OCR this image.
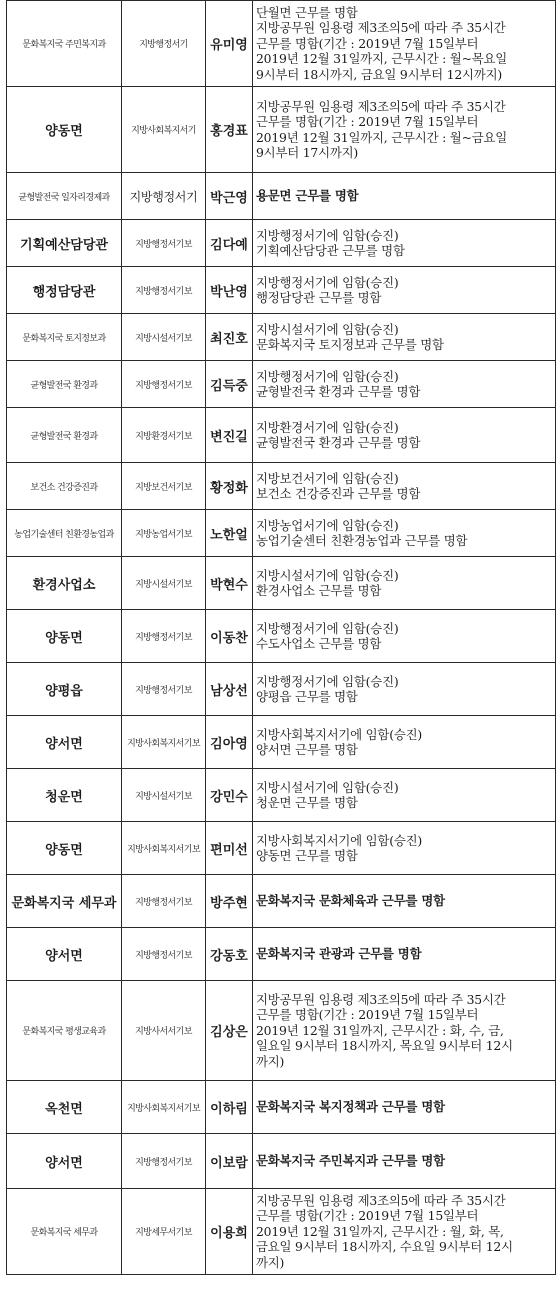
문화복지국 주민복지과	지방행정서기	유미영	단월면 근무를 명함
지방공무원 임용령 제3조의5에 따라 주 35시간
근무를 명함(기간 : 2019년 7월 15일부터
2019년 12월 31일까지, 근무시간 : 월~목요일
9시부터 18시까지, 금요일 9시부터 12시까지)

양동면	지방사회복지서기	홍경표	지방공무원 임용령 제3조의5에 따라 주 35시간
근무를 명함(기간 : 2019년 7월 15일부터
2019년 12월 31일까지, 근무시간 : 월~금요일
9시부터 17시까지)

균형발전국 일자리경제과	지방행정서기	박근영	용문면 근무를 명함

기획예산담당관	지방행정서기보	김다예	지방행정서기에 임함(승진)
기획예산담당관 근무를 명함

행정담당관	지방행정서기보	박난영	지방행정서기에 임함(승진)
행정담당관 근무를 명함

문화복지국 토지정보과	지방시설서기보	최진호	지방시설서기에 임함(승진)
문화복지국 토지정보과 근무를 명함

균형발전국 환경과	지방행정서기보	김득중	지방행정서기에 임함(승진)
균형발전국 환경과 근무를 명함

균형발전국 환경과	지방환경서기보	변진길	지방환경서기에 임함(승진)
균형발전국 환경과 근무를 명함

보건소 건강증진과	지방보건서기보	황정화	지방보건서기에 임함(승진)
보건소 건강증진과 근무를 명함

농업기술센터 친환경농업과	지방농업서기보	노한얼	지방농업서기에 임함(승진)
농업기술센터 친환경농업과 근무를 명함

환경사업소	지방시설서기보	박현수	지방시설서기에 임함(승진)
환경사업소 근무를 명함

양동면	지방행정서기보	이동찬	지방행정서기에 임함(승진)
수도사업소 근무를 명함

양평읍	지방행정서기보	남상선	지방행정서기에 임함(승진)
양평읍 근무를 명함

양서면	지방사회복지서기보	김아영	지방사회복지서기에 임함(승진)
양서면 근무를 명함

청운면	지방시설서기보	강민수	지방시설서기에 임함(승진)
청운면 근무를 명함

양동면	지방사회복지서기보	편미선	지방사회복지서기에 임함(승진)
양동면 근무를 명함

문화복지국 세무과	지방행정서기보	방주현	문화복지국 문화체육과 근무를 명함

양서면	지방행정서기보	강동호	문화복지국 관광과 근무를 명함

문화복지국 평생교육과	지방사서서기보	김상은	지방공무원 임용령 제3조의5에 따라 주 35시간
근무를 명함(기간 : 2019년 7월 15일부터
2019년 12월 31일까지, 근무시간 : 화, 수, 금,
일요일 9시부터 18시까지, 목요일 9시부터 12시
까지)

옥천면	지방사회복지서기보	이하림	문화복지국 복지정책과 근무를 명함

양서면	지방행정서기보	이보람	문화복지국 주민복지과 근무를 명함

문화복지국 세무과	지방세무서기보	이용희	지방공무원 임용령 제3조의5에 따라 주 35시간
근무를 명함(기간 : 2019년 7월 15일부터
2019년 12월 31일까지, 근무시간 : 월, 화, 목,
금요일 9시부터 18시까지, 수요일 9시부터 12시
까지)
